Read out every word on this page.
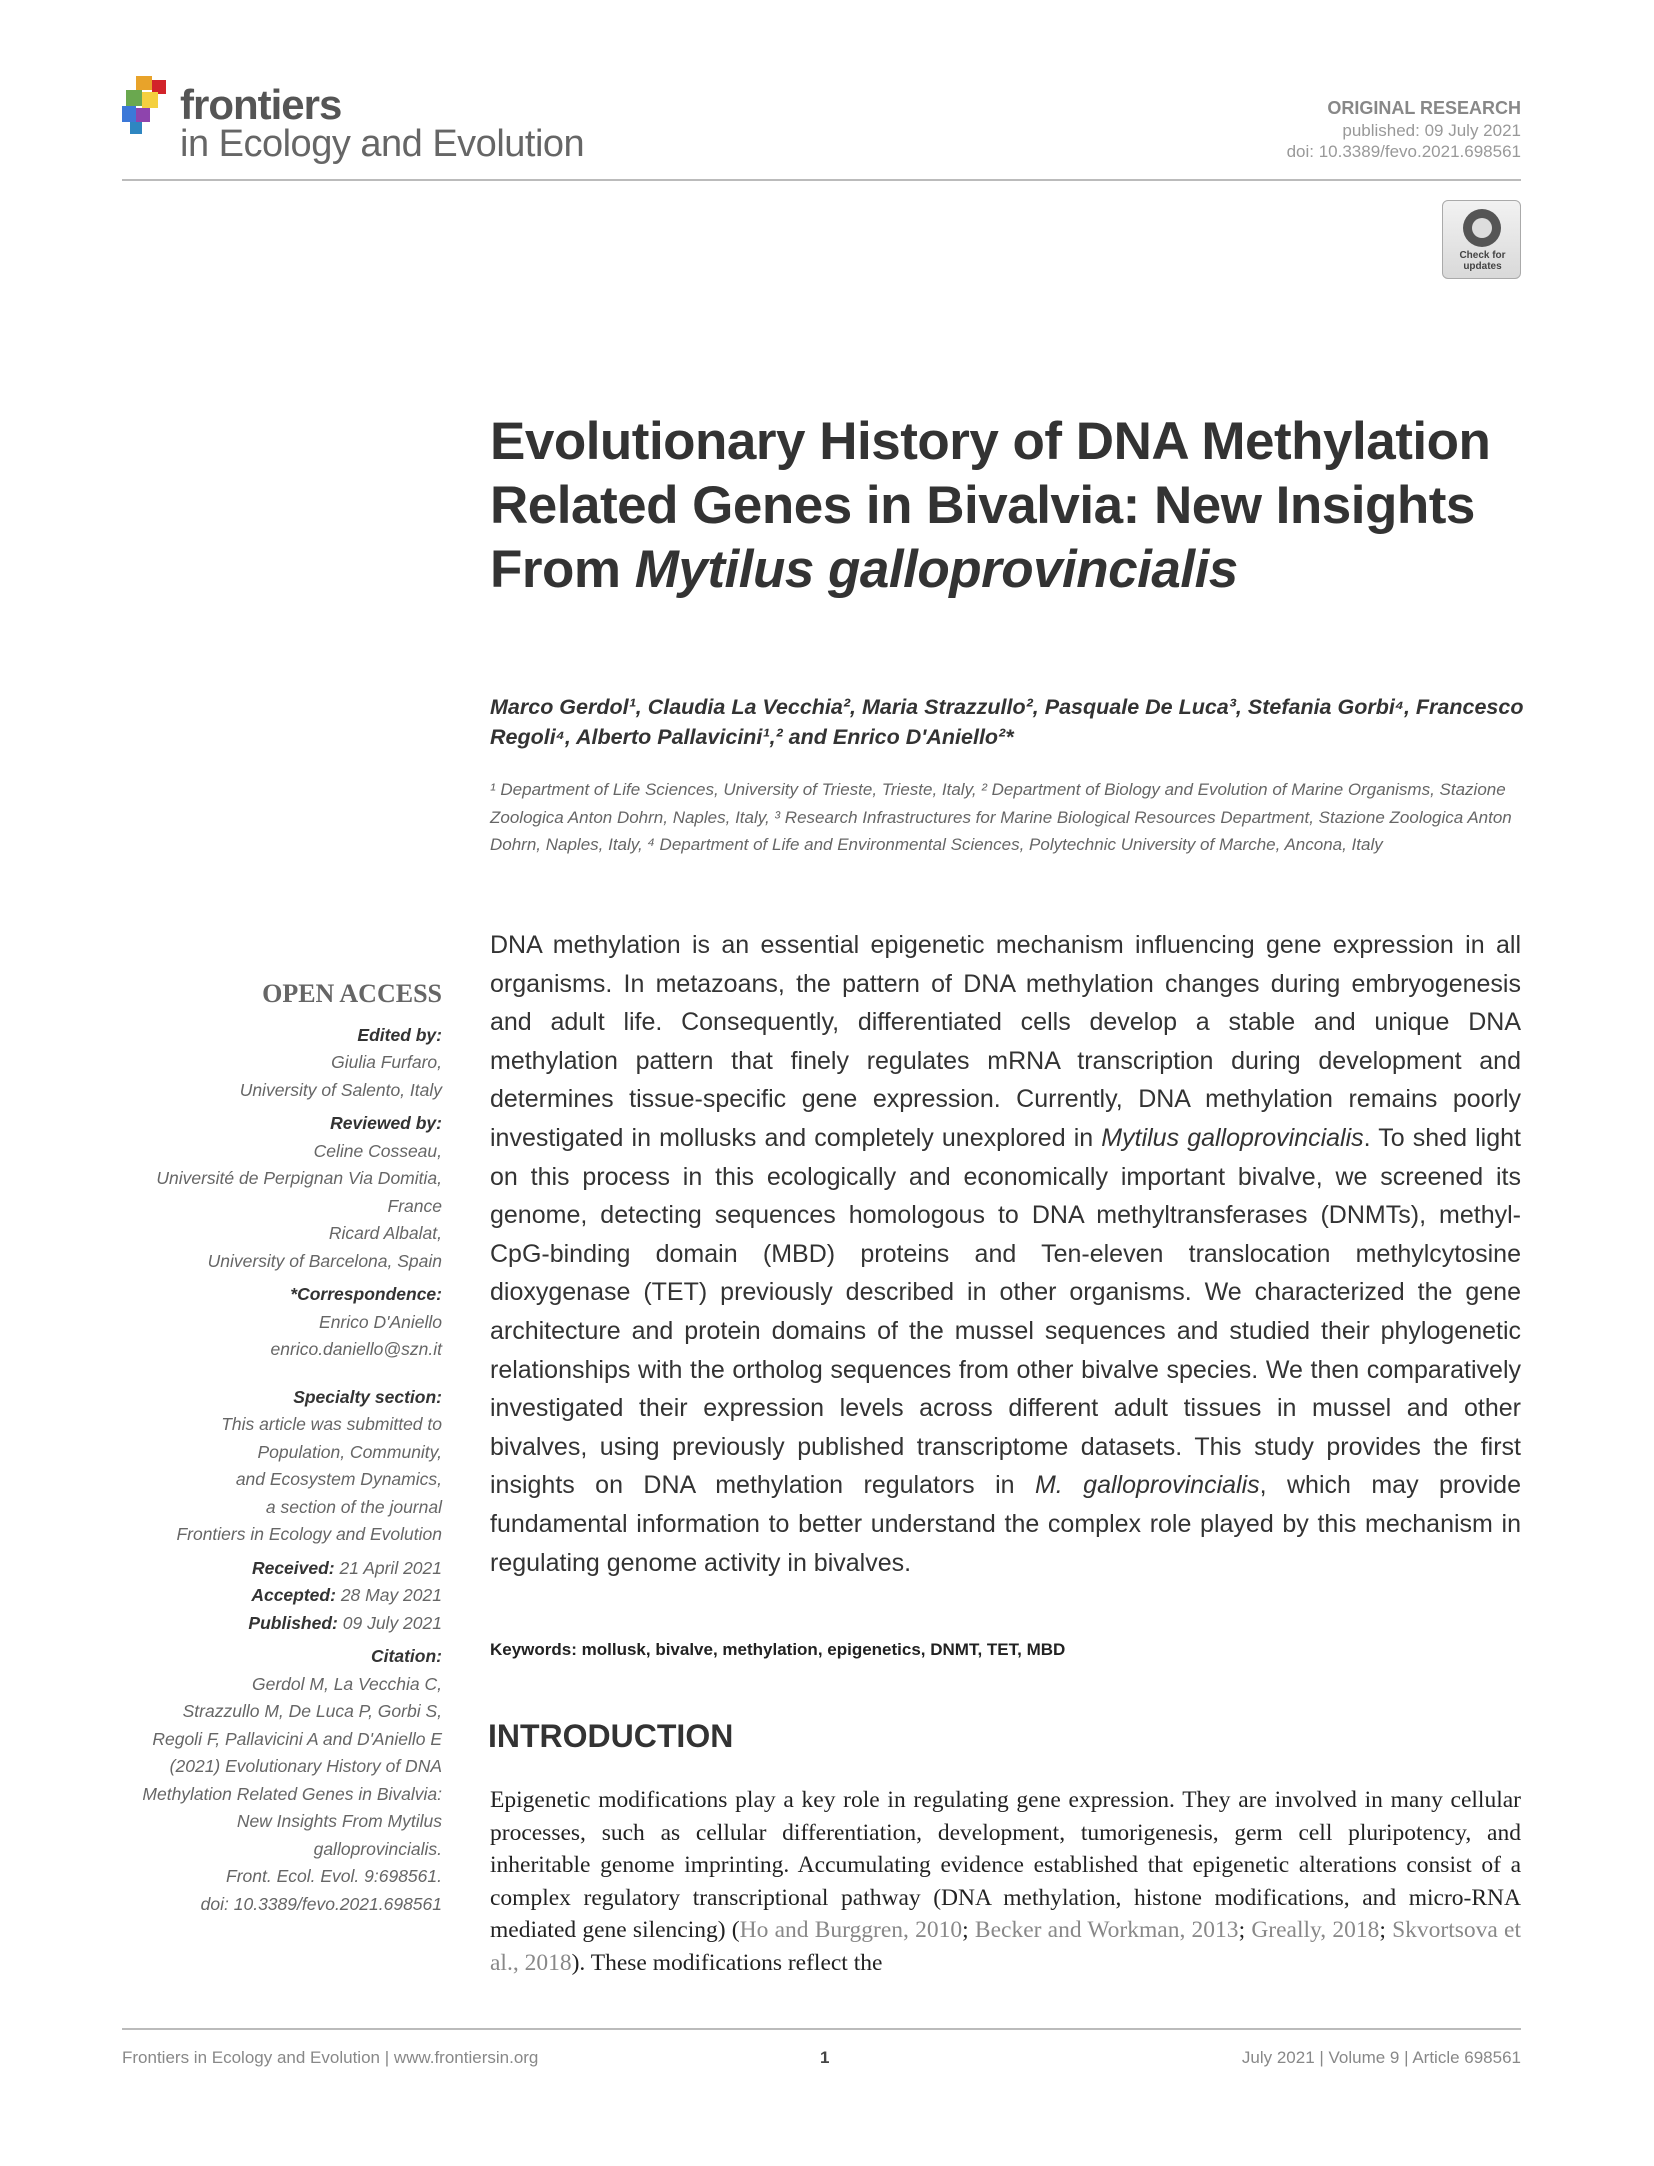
frontiers
in Ecology and Evolution
ORIGINAL RESEARCH
published: 09 July 2021
doi: 10.3389/fevo.2021.698561
Check for updates
Evolutionary History of DNA Methylation Related Genes in Bivalvia: New Insights From Mytilus galloprovincialis
Marco Gerdol¹, Claudia La Vecchia², Maria Strazzullo², Pasquale De Luca³, Stefania Gorbi⁴, Francesco Regoli⁴, Alberto Pallavicini¹,² and Enrico D'Aniello²*
¹ Department of Life Sciences, University of Trieste, Trieste, Italy, ² Department of Biology and Evolution of Marine Organisms, Stazione Zoologica Anton Dohrn, Naples, Italy, ³ Research Infrastructures for Marine Biological Resources Department, Stazione Zoologica Anton Dohrn, Naples, Italy, ⁴ Department of Life and Environmental Sciences, Polytechnic University of Marche, Ancona, Italy
DNA methylation is an essential epigenetic mechanism influencing gene expression in all organisms. In metazoans, the pattern of DNA methylation changes during embryogenesis and adult life. Consequently, differentiated cells develop a stable and unique DNA methylation pattern that finely regulates mRNA transcription during development and determines tissue-specific gene expression. Currently, DNA methylation remains poorly investigated in mollusks and completely unexplored in Mytilus galloprovincialis. To shed light on this process in this ecologically and economically important bivalve, we screened its genome, detecting sequences homologous to DNA methyltransferases (DNMTs), methyl-CpG-binding domain (MBD) proteins and Ten-eleven translocation methylcytosine dioxygenase (TET) previously described in other organisms. We characterized the gene architecture and protein domains of the mussel sequences and studied their phylogenetic relationships with the ortholog sequences from other bivalve species. We then comparatively investigated their expression levels across different adult tissues in mussel and other bivalves, using previously published transcriptome datasets. This study provides the first insights on DNA methylation regulators in M. galloprovincialis, which may provide fundamental information to better understand the complex role played by this mechanism in regulating genome activity in bivalves.
Keywords: mollusk, bivalve, methylation, epigenetics, DNMT, TET, MBD
INTRODUCTION
Epigenetic modifications play a key role in regulating gene expression. They are involved in many cellular processes, such as cellular differentiation, development, tumorigenesis, germ cell pluripotency, and inheritable genome imprinting. Accumulating evidence established that epigenetic alterations consist of a complex regulatory transcriptional pathway (DNA methylation, histone modifications, and micro-RNA mediated gene silencing) (Ho and Burggren, 2010; Becker and Workman, 2013; Greally, 2018; Skvortsova et al., 2018). These modifications reflect the
OPEN ACCESS
Edited by:
Giulia Furfaro,
University of Salento, Italy
Reviewed by:
Celine Cosseau,
Université de Perpignan Via Domitia,
France
Ricard Albalat,
University of Barcelona, Spain
*Correspondence:
Enrico D'Aniello
enrico.daniello@szn.it
Specialty section:
This article was submitted to
Population, Community,
and Ecosystem Dynamics,
a section of the journal
Frontiers in Ecology and Evolution
Received: 21 April 2021
Accepted: 28 May 2021
Published: 09 July 2021
Citation:
Gerdol M, La Vecchia C,
Strazzullo M, De Luca P, Gorbi S,
Regoli F, Pallavicini A and D'Aniello E
(2021) Evolutionary History of DNA
Methylation Related Genes in Bivalvia:
New Insights From Mytilus
galloprovincialis.
Front. Ecol. Evol. 9:698561.
doi: 10.3389/fevo.2021.698561
Frontiers in Ecology and Evolution | www.frontiersin.org	1	July 2021 | Volume 9 | Article 698561
